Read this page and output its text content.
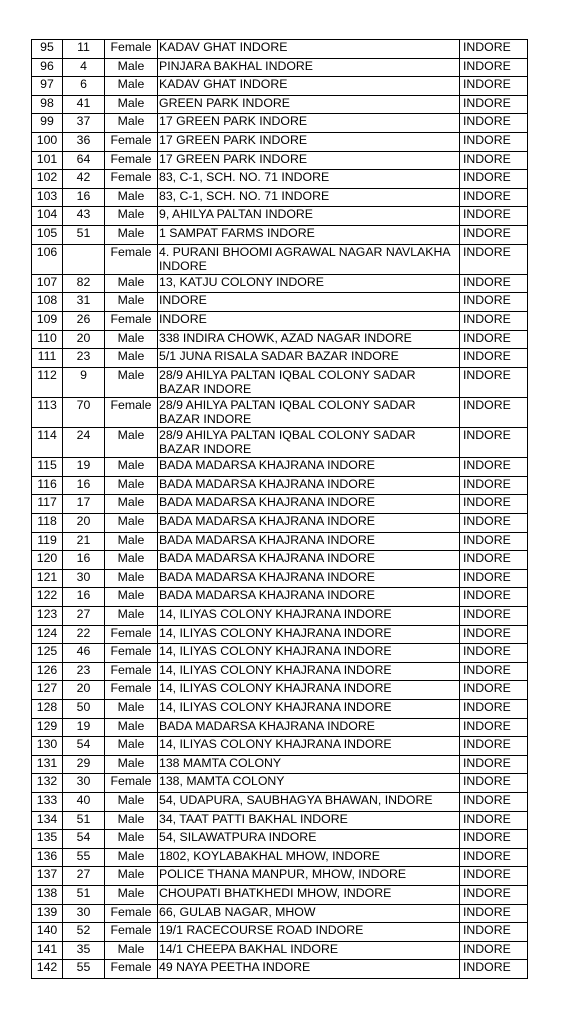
95	11	Female	KADAV GHAT INDORE	INDORE
96	4	Male	PINJARA BAKHAL INDORE	INDORE
97	6	Male	KADAV GHAT INDORE	INDORE
98	41	Male	GREEN PARK INDORE	INDORE
99	37	Male	17 GREEN PARK INDORE	INDORE
100	36	Female	17 GREEN PARK INDORE	INDORE
101	64	Female	17 GREEN PARK INDORE	INDORE
102	42	Female	83, C-1, SCH. NO. 71 INDORE	INDORE
103	16	Male	83, C-1, SCH. NO. 71 INDORE	INDORE
104	43	Male	9, AHILYA PALTAN INDORE	INDORE
105	51	Male	1 SAMPAT FARMS INDORE	INDORE
106		Female	4. PURANI BHOOMI AGRAWAL NAGAR NAVLAKHA INDORE	INDORE
107	82	Male	13, KATJU COLONY INDORE	INDORE
108	31	Male	INDORE	INDORE
109	26	Female	INDORE	INDORE
110	20	Male	338 INDIRA CHOWK, AZAD NAGAR INDORE	INDORE
111	23	Male	5/1 JUNA RISALA SADAR BAZAR INDORE	INDORE
112	9	Male	28/9 AHILYA PALTAN IQBAL COLONY SADAR BAZAR INDORE	INDORE
113	70	Female	28/9 AHILYA PALTAN IQBAL COLONY SADAR BAZAR INDORE	INDORE
114	24	Male	28/9 AHILYA PALTAN IQBAL COLONY SADAR BAZAR INDORE	INDORE
115	19	Male	BADA MADARSA KHAJRANA INDORE	INDORE
116	16	Male	BADA MADARSA KHAJRANA INDORE	INDORE
117	17	Male	BADA MADARSA KHAJRANA INDORE	INDORE
118	20	Male	BADA MADARSA KHAJRANA INDORE	INDORE
119	21	Male	BADA MADARSA KHAJRANA INDORE	INDORE
120	16	Male	BADA MADARSA KHAJRANA INDORE	INDORE
121	30	Male	BADA MADARSA KHAJRANA INDORE	INDORE
122	16	Male	BADA MADARSA KHAJRANA INDORE	INDORE
123	27	Male	14, ILIYAS COLONY KHAJRANA INDORE	INDORE
124	22	Female	14, ILIYAS COLONY KHAJRANA INDORE	INDORE
125	46	Female	14, ILIYAS COLONY KHAJRANA INDORE	INDORE
126	23	Female	14, ILIYAS COLONY KHAJRANA INDORE	INDORE
127	20	Female	14, ILIYAS COLONY KHAJRANA INDORE	INDORE
128	50	Male	14, ILIYAS COLONY KHAJRANA INDORE	INDORE
129	19	Male	BADA MADARSA KHAJRANA INDORE	INDORE
130	54	Male	14, ILIYAS COLONY KHAJRANA INDORE	INDORE
131	29	Male	138 MAMTA COLONY	INDORE
132	30	Female	138, MAMTA COLONY	INDORE
133	40	Male	54, UDAPURA, SAUBHAGYA BHAWAN, INDORE	INDORE
134	51	Male	34, TAAT PATTI BAKHAL INDORE	INDORE
135	54	Male	54, SILAWATPURA INDORE	INDORE
136	55	Male	1802, KOYLABAKHAL MHOW, INDORE	INDORE
137	27	Male	POLICE THANA MANPUR, MHOW, INDORE	INDORE
138	51	Male	CHOUPATI BHATKHEDI MHOW, INDORE	INDORE
139	30	Female	66, GULAB NAGAR, MHOW	INDORE
140	52	Female	19/1 RACECOURSE ROAD INDORE	INDORE
141	35	Male	14/1 CHEEPA BAKHAL INDORE	INDORE
142	55	Female	49 NAYA PEETHA INDORE	INDORE
